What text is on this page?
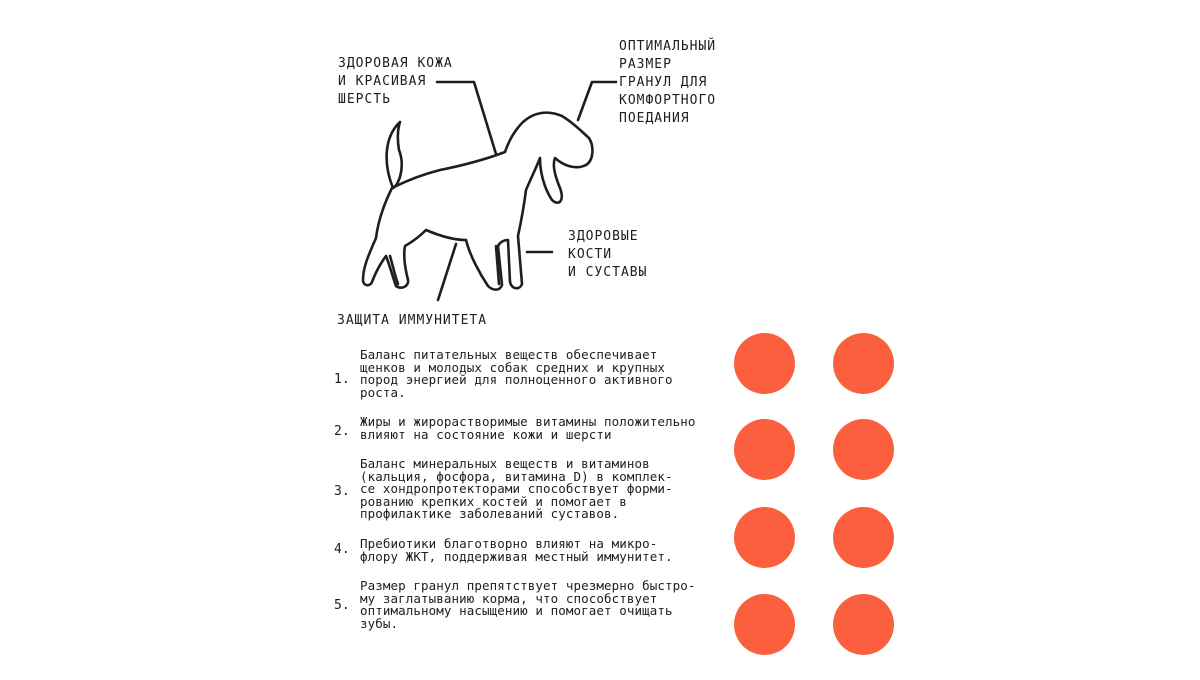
ЗДОРОВАЯ КОЖА
И КРАСИВАЯ
ШЕРСТЬ
ОПТИМАЛЬНЫЙ
РАЗМЕР
ГРАНУЛ ДЛЯ
КОМФОРТНОГО
ПОЕДАНИЯ
ЗДОРОВЫЕ
КОСТИ
И СУСТАВЫ
ЗАЩИТА ИММУНИТЕТА
1.
Баланс питательных веществ обеспечивает
щенков и молодых собак средних и крупных
пород энергией для полноценного активного
роста.
2.
Жиры и жирорастворимые витамины положительно
влияют на состояние кожи и шерсти
3.
Баланс минеральных веществ и витаминов
(кальция, фосфора, витамина D) в комплек-
се хондропротекторами способствует форми-
рованию крепких костей и помогает в
профилактике заболеваний суставов.
4. Пребиотики благотворно влияют на микро-
флору ЖКТ, поддерживая местный иммунитет.
5.
Размер гранул препятствует чрезмерно быстро-
му заглатыванию корма, что способствует
оптимальному насыщению и помогает очищать
зубы.
